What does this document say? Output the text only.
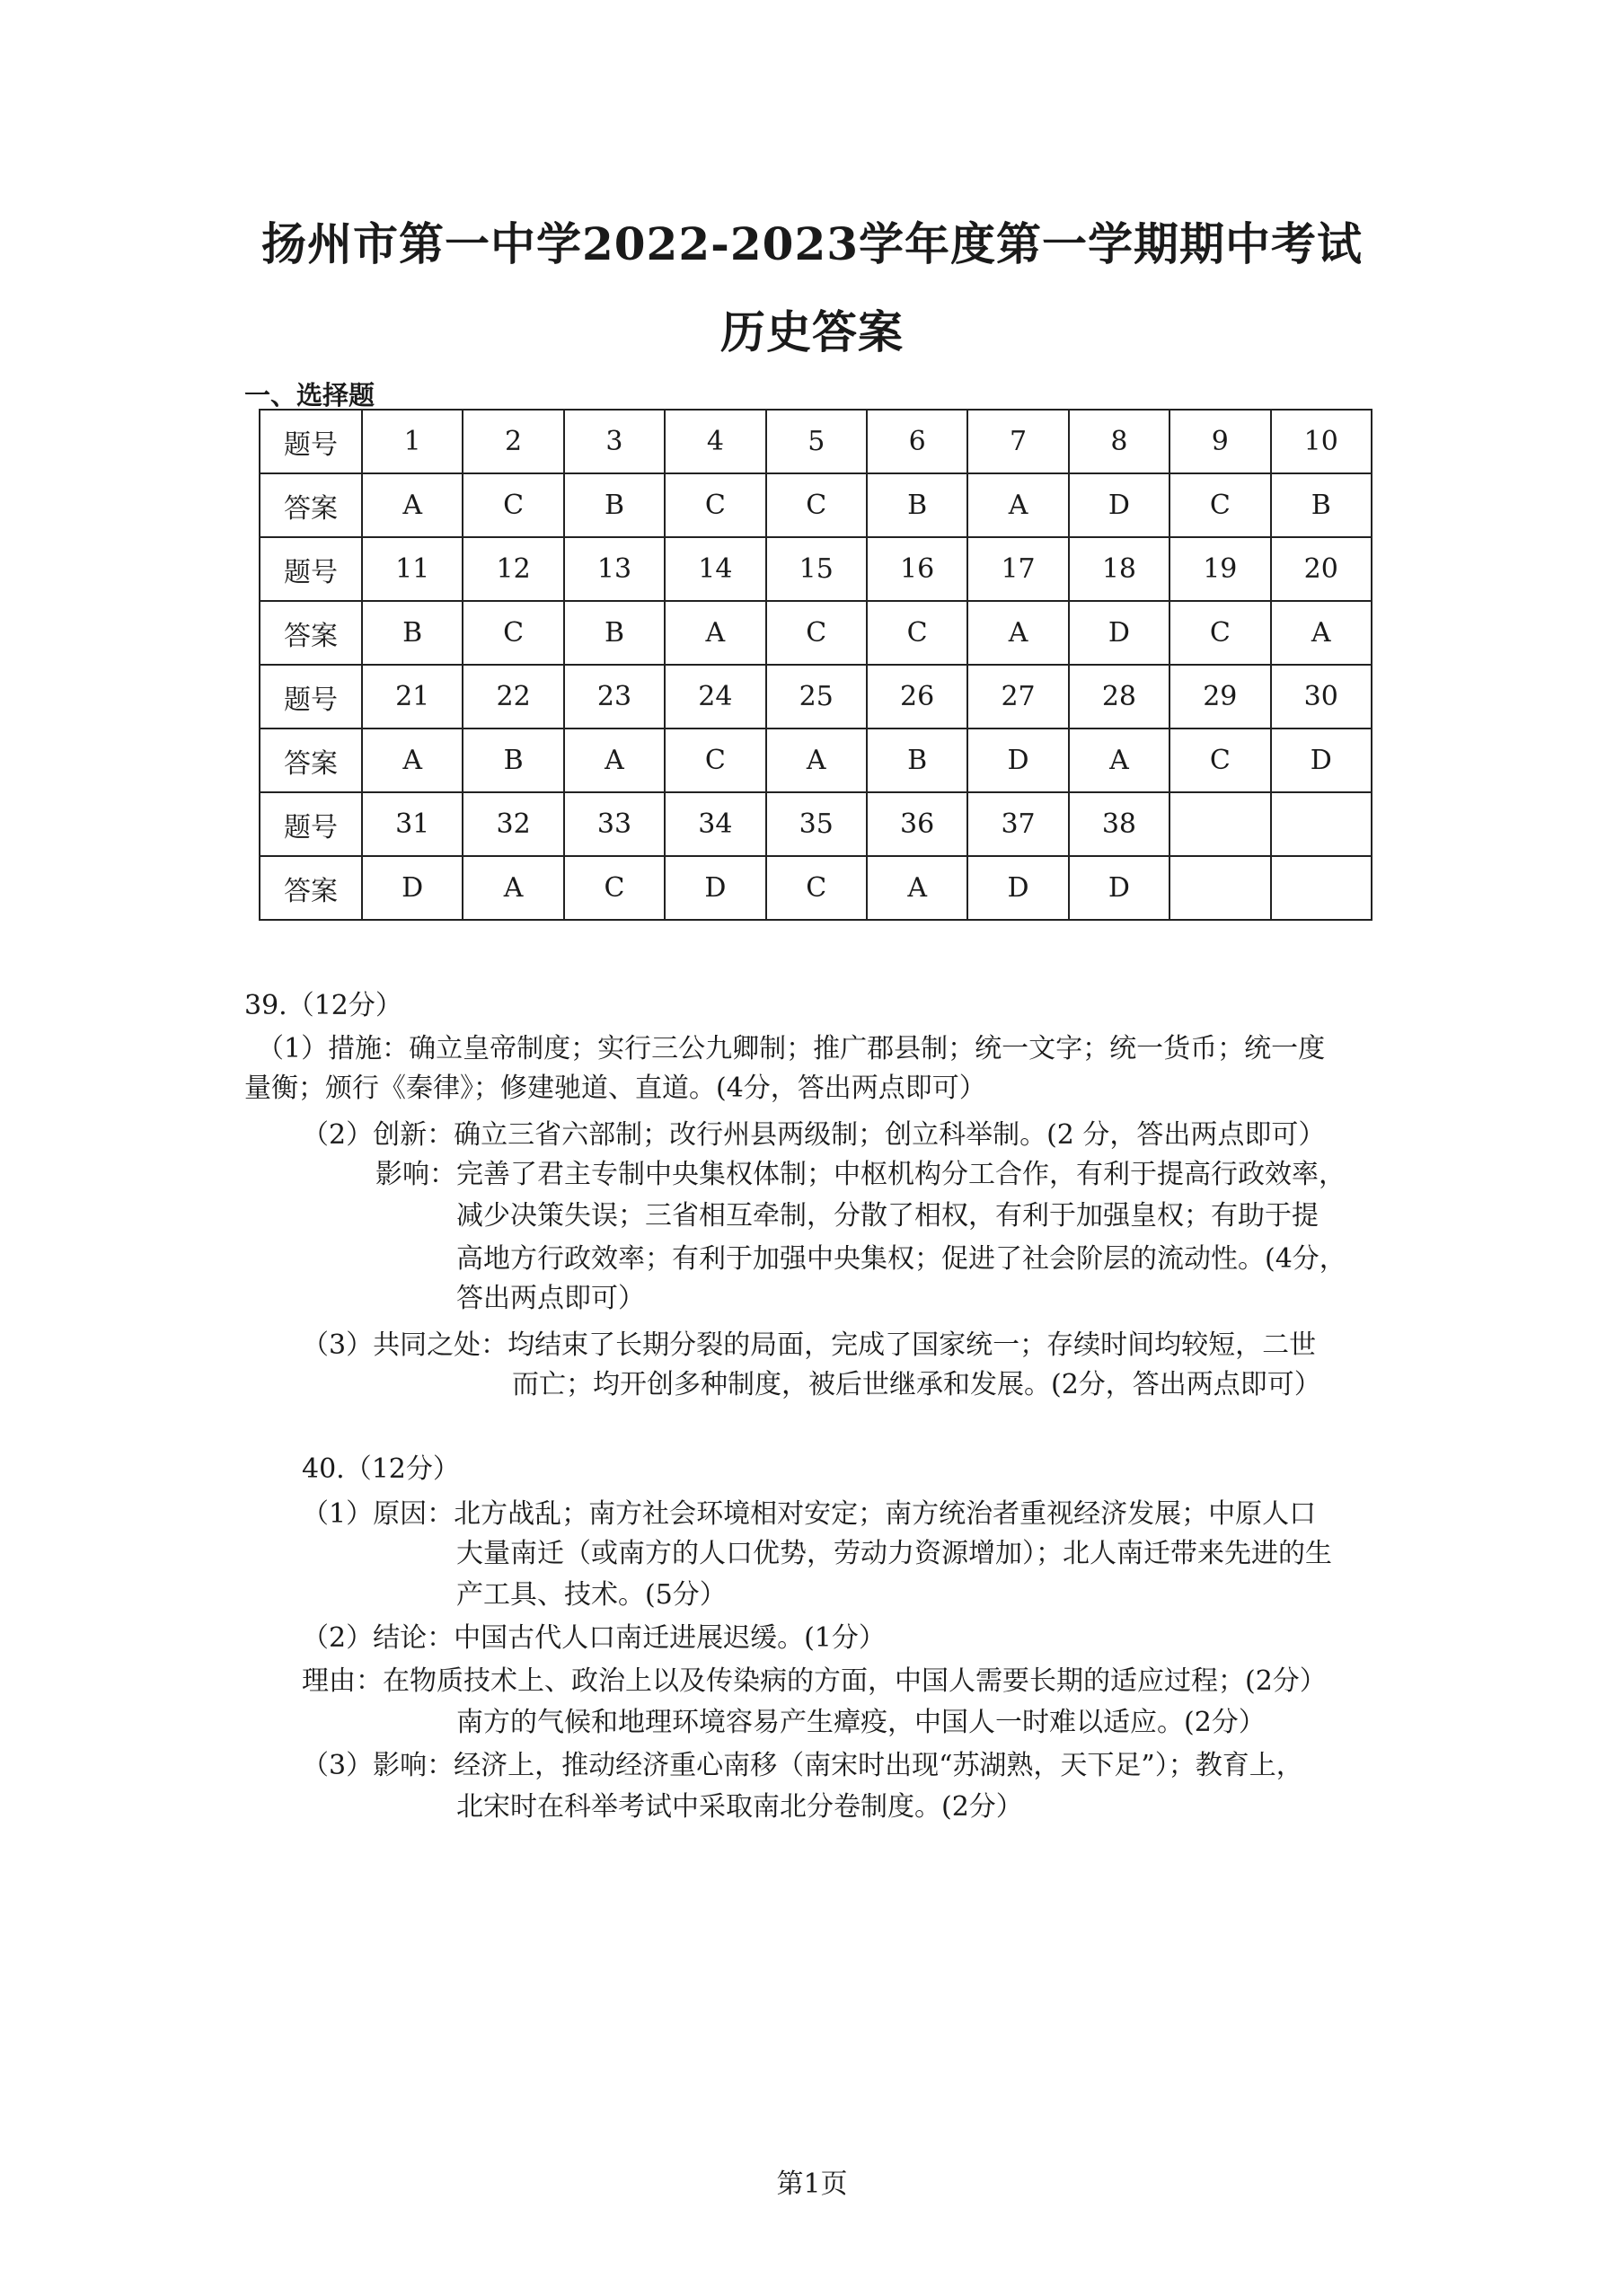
扬州市第一中学2022-2023学年度第一学期期中考试
历史答案
一、选择题
题号	1	2	3	4	5	6	7	8	9	10
答案	A	C	B	C	C	B	A	D	C	B
题号	11	12	13	14	15	16	17	18	19	20
答案	B	C	B	A	C	C	A	D	C	A
题号	21	22	23	24	25	26	27	28	29	30
答案	A	B	A	C	A	B	D	A	C	D
题号	31	32	33	34	35	36	37	38		
答案	D	A	C	D	C	A	D	D		
39.（12分）
（1）措施：确立皇帝制度；实行三公九卿制；推广郡县制；统一文字；统一货币；统一度
量衡；颁行《秦律》；修建驰道、直道。(4分，答出两点即可）
（2）创新：确立三省六部制；改行州县两级制；创立科举制。(2 分，答出两点即可）
影响：完善了君主专制中央集权体制；中枢机构分工合作，有利于提高行政效率，
减少决策失误；三省相互牵制，分散了相权，有利于加强皇权；有助于提
高地方行政效率；有利于加强中央集权；促进了社会阶层的流动性。(4分，
答出两点即可）
（3）共同之处：均结束了长期分裂的局面，完成了国家统一；存续时间均较短，二世
而亡；均开创多种制度，被后世继承和发展。(2分，答出两点即可）
40.（12分）
（1）原因：北方战乱；南方社会环境相对安定；南方统治者重视经济发展；中原人口
大量南迁（或南方的人口优势，劳动力资源增加）；北人南迁带来先进的生
产工具、技术。(5分）
（2）结论：中国古代人口南迁进展迟缓。(1分）
理由：在物质技术上、政治上以及传染病的方面，中国人需要长期的适应过程；(2分）
南方的气候和地理环境容易产生瘴疫，中国人一时难以适应。(2分）
（3）影响：经济上，推动经济重心南移（南宋时出现“苏湖熟，天下足”）；教育上，
北宋时在科举考试中采取南北分卷制度。(2分）
第1页
